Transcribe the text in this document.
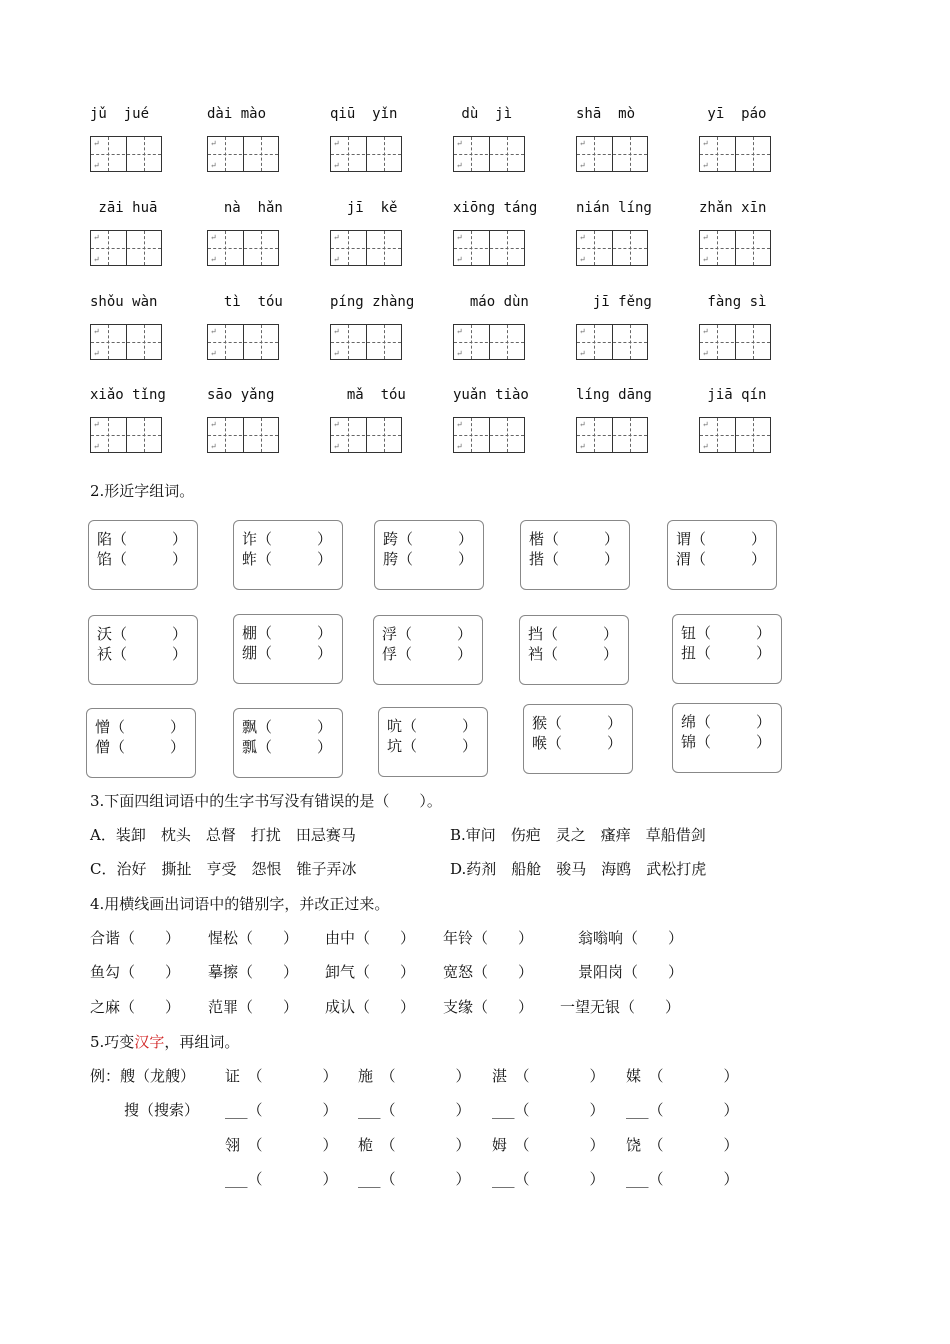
jǔ  jué
↵
↵
dài mào
↵
↵
qiū  yǐn
↵
↵
dù  jì
↵
↵
shā  mò
↵
↵
yī  páo
↵
↵
zāi huā
↵
↵
nà  hǎn
↵
↵
jī  kě
↵
↵
xiōng táng
↵
↵
nián líng
↵
↵
zhǎn xīn
↵
↵
shǒu wàn
↵
↵
tì  tóu
↵
↵
píng zhàng
↵
↵
máo dùn
↵
↵
jī fěng
↵
↵
fàng sì
↵
↵
xiǎo tǐng
↵
↵
sāo yǎng
↵
↵
mǎ  tóu
↵
↵
yuǎn tiào
↵
↵
líng dāng
↵
↵
jiā qín
↵
↵
2.形近字组词。
陷（　　　）
馅（　　　）
诈（　　　）
蚱（　　　）
跨（　　　）
胯（　　　）
楷（　　　）
揩（　　　）
谓（　　　）
渭（　　　）
沃（　　　）
袄（　　　）
棚（　　　）
绷（　　　）
浮（　　　）
俘（　　　）
挡（　　　）
裆（　　　）
钮（　　　）
扭（　　　）
憎（　　　）
僧（　　　）
飘（　　　）
瓢（　　　）
吭（　　　）
坑（　　　）
猴（　　　）
喉（　　　）
绵（　　　）
锦（　　　）
3.下面四组词语中的生字书写没有错误的是（　　）。
A．装卸　枕头　总督　打扰　田忌赛马	B.审问　伤疤　灵之　瘙痒　草船借剑
C．治好　撕扯　亨受　怨恨　锥子弄冰	D.药剂　船舱　骏马　海鸥　武松打虎
4.用横线画出词语中的错别字，并改正过来。
合谐（　　） 惺松（　　） 由中（　　） 年铃（　　）	翁嗡响（　　）
鱼勾（　　） 摹擦（　　） 卸气（　　） 宽怒（　　）	景阳岗（　　）
之麻（　　） 范罪（　　） 成认（　　） 支缘（　　） 一望无银（　　）
5.巧变汉字，再组词。
例：艘（龙艘）
搜（搜索）
证　（　　　　） 施　（　　　　） 湛　（　　　　） 媒　（　　　　）
___（　　　　） ___（　　　　） ___（　　　　） ___（　　　　）
翎　（　　　　） 桅　（　　　　） 姆　（　　　　） 饶　（　　　　）
___（　　　　） ___（　　　　） ___（　　　　） ___（　　　　）
